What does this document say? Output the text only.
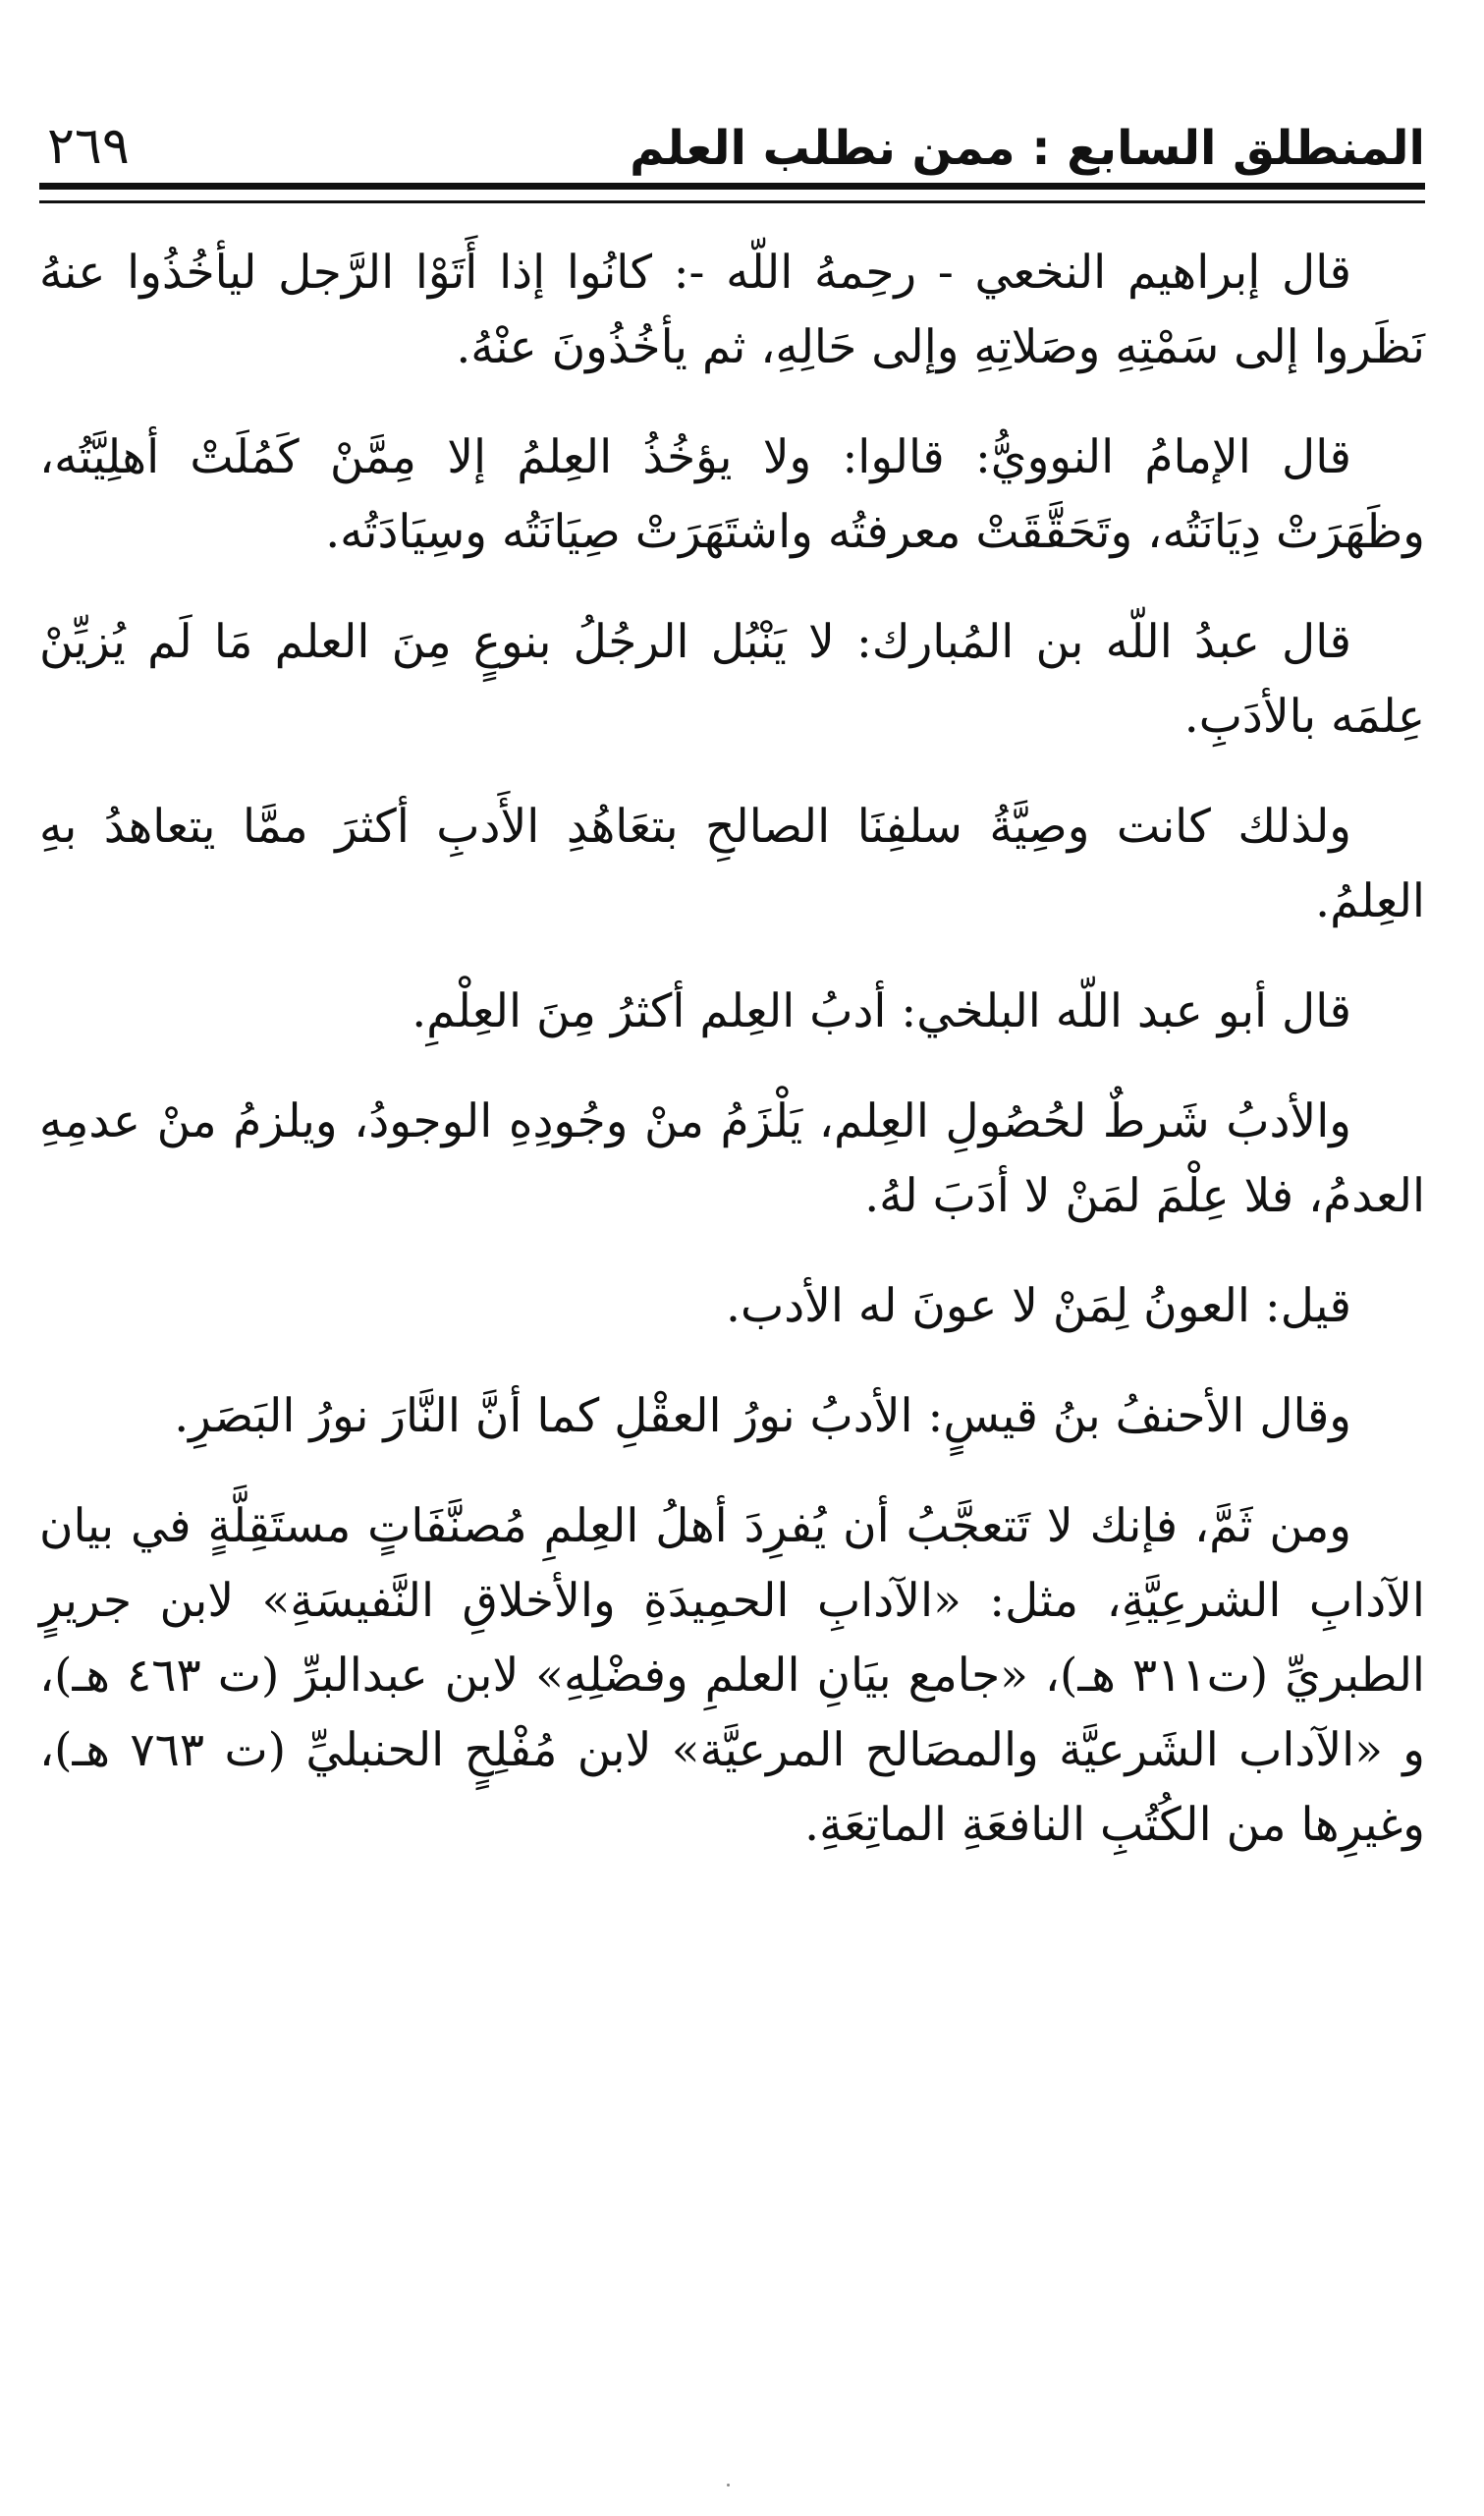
المنطلق السابع : ممن نطلب العلم
٢٦٩

قال إبراهيم النخعي - رحِمهُ اللّه -: كانُوا إذا أَتَوْا الرَّجل ليأخُذُوا عنهُ نَظَروا إلى سَمْتِهِ وصَلاتِهِ وإلى حَالِهِ، ثم يأخُذُونَ عنْهُ.

قال الإمامُ النوويُّ: قالوا: ولا يؤخُذُ العِلمُ إلا مِمَّنْ كَمُلَتْ أهلِيَّتُه، وظَهَرَتْ دِيَانَتُه، وتَحَقَّقَتْ معرفتُه واشتَهَرَتْ صِيَانَتُه وسِيَادَتُه.

قال عبدُ اللّه بن المُبارك: لا يَنْبُل الرجُلُ بنوعٍ مِنَ العلم مَا لَم يُزيِّنْ عِلمَه بالأدَبِ.

ولذلك كانت وصِيَّةُ سلفِنَا الصالحِ بتعَاهُدِ الأَدبِ أكثرَ ممَّا يتعاهدُ بهِ العِلمُ.

قال أبو عبد اللّه البلخي: أدبُ العِلم أكثرُ مِنَ العِلْمِ.

والأدبُ شَرطٌ لحُصُولِ العِلم، يَلْزَمُ منْ وجُودِهِ الوجودُ، ويلزمُ منْ عدمِهِ العدمُ، فلا عِلْمَ لمَنْ لا أدَبَ لهُ.

قيل: العونُ لِمَنْ لا عونَ له الأدب.

وقال الأحنفُ بنُ قيسٍ: الأدبُ نورُ العقْلِ كما أنَّ النَّارَ نورُ البَصَرِ.

ومن ثَمَّ، فإنك لا تَتعجَّبُ أن يُفرِدَ أهلُ العِلمِ مُصنَّفَاتٍ مستَقِلَّةٍ في بيان الآدابِ الشرعِيَّةِ، مثل: «الآدابِ الحمِيدَةِ والأخلاقِ النَّفيسَةِ» لابن جريرٍ الطبريِّ (ت٣١١ هـ)، «جامع بيَانِ العلمِ وفضْلِهِ» لابن عبدالبرِّ (ت ٤٦٣ هـ)، و «الآداب الشَرعيَّة والمصَالح المرعيَّة» لابن مُفْلِحٍ الحنبليِّ (ت ٧٦٣ هـ)، وغيرِها من الكُتُبِ النافعَةِ الماتِعَةِ.
